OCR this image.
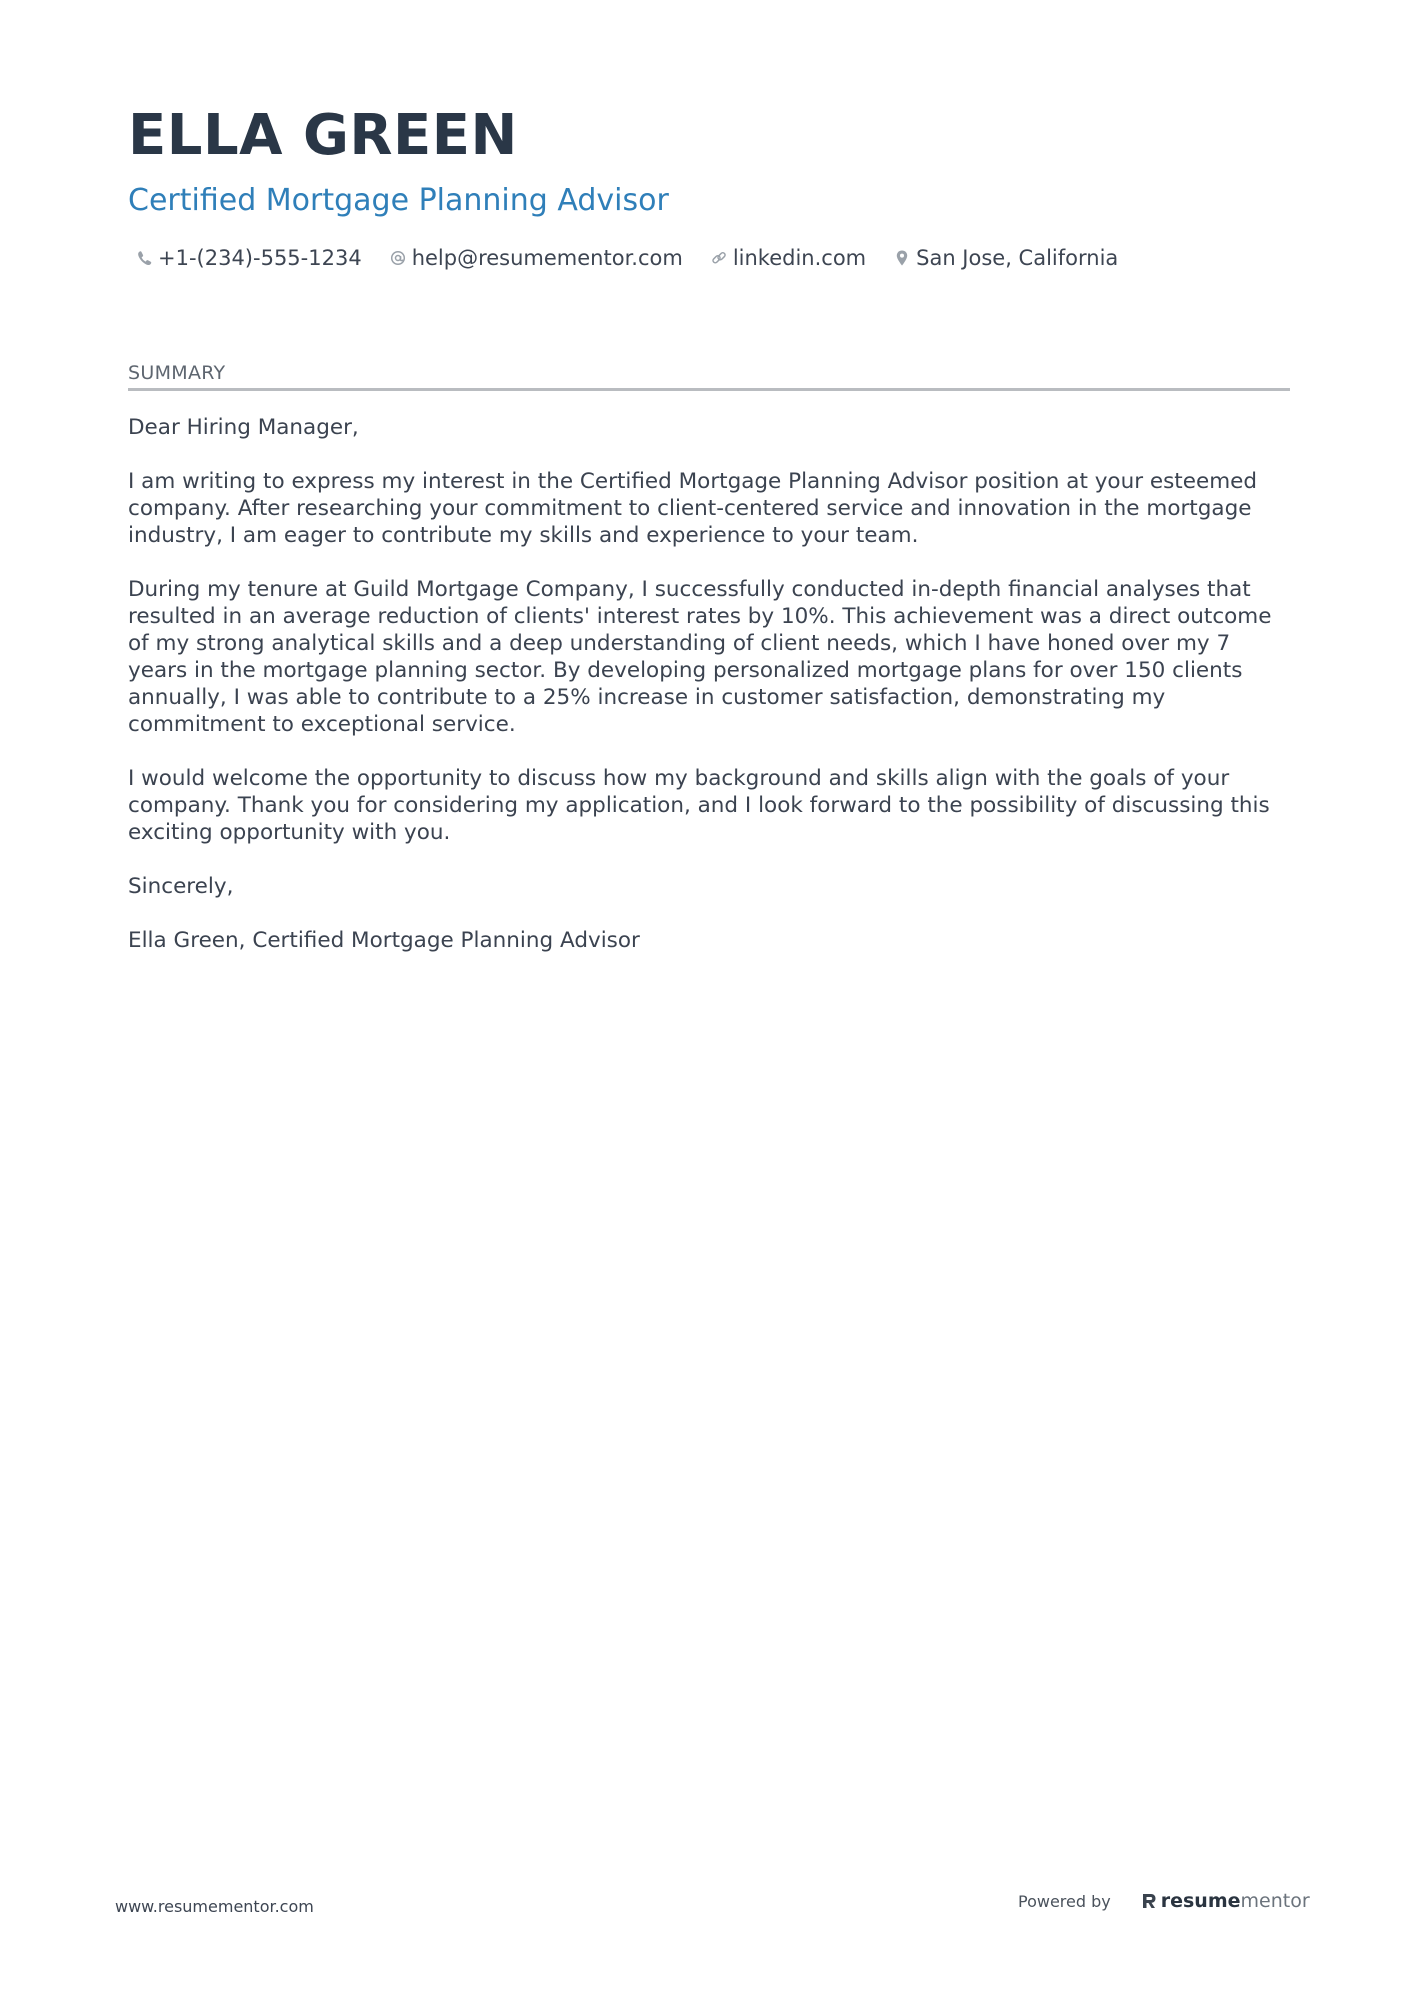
ELLA GREEN
Certified Mortgage Planning Advisor
+1-(234)-555-1234 help@resumementor.com linkedin.com San Jose, California
SUMMARY

Dear Hiring Manager,

I am writing to express my interest in the Certified Mortgage Planning Advisor position at your esteemed company. After researching your commitment to client-centered service and innovation in the mortgage industry, I am eager to contribute my skills and experience to your team.

During my tenure at Guild Mortgage Company, I successfully conducted in-depth financial analyses that resulted in an average reduction of clients' interest rates by 10%. This achievement was a direct outcome of my strong analytical skills and a deep understanding of client needs, which I have honed over my 7 years in the mortgage planning sector. By developing personalized mortgage plans for over 150 clients annually, I was able to contribute to a 25% increase in customer satisfaction, demonstrating my commitment to exceptional service.

I would welcome the opportunity to discuss how my background and skills align with the goals of your company. Thank you for considering my application, and I look forward to the possibility of discussing this exciting opportunity with you.

Sincerely,

Ella Green, Certified Mortgage Planning Advisor

www.resumementor.com	Powered by	resume mentor
